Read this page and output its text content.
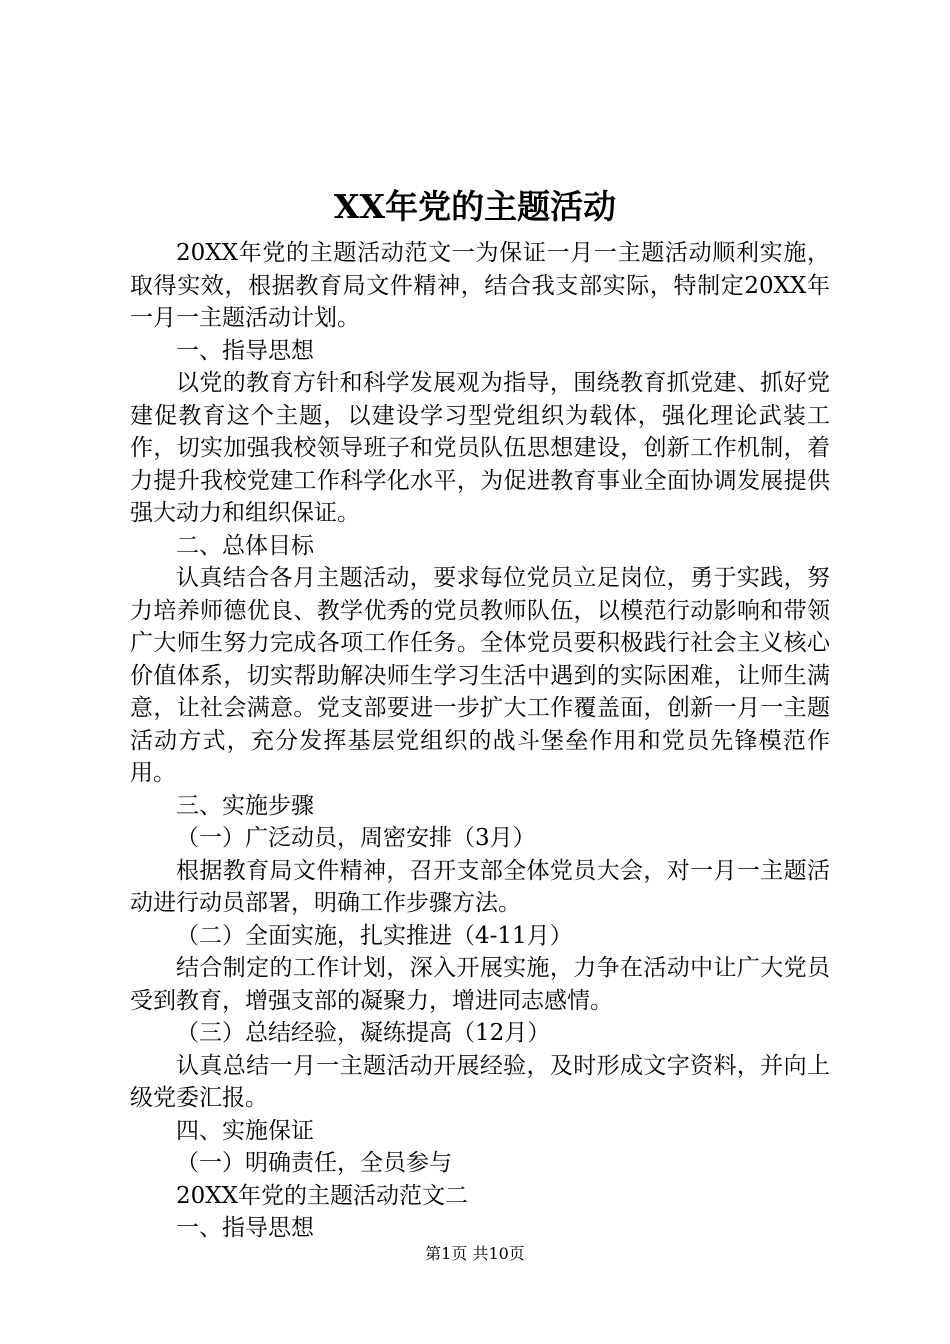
XX年党的主题活动

20XX年党的主题活动范文一为保证一月一主题活动顺利实施，取得实效，根据教育局文件精神，结合我支部实际，特制定20XX年一月一主题活动计划。

一、指导思想

以党的教育方针和科学发展观为指导，围绕教育抓党建、抓好党建促教育这个主题，以建设学习型党组织为载体，强化理论武装工作，切实加强我校领导班子和党员队伍思想建设，创新工作机制，着力提升我校党建工作科学化水平，为促进教育事业全面协调发展提供强大动力和组织保证。

二、总体目标

认真结合各月主题活动，要求每位党员立足岗位，勇于实践，努力培养师德优良、教学优秀的党员教师队伍，以模范行动影响和带领广大师生努力完成各项工作任务。全体党员要积极践行社会主义核心价值体系，切实帮助解决师生学习生活中遇到的实际困难，让师生满意，让社会满意。党支部要进一步扩大工作覆盖面，创新一月一主题活动方式，充分发挥基层党组织的战斗堡垒作用和党员先锋模范作用。

三、实施步骤

（一）广泛动员，周密安排（3月）

根据教育局文件精神，召开支部全体党员大会，对一月一主题活动进行动员部署，明确工作步骤方法。

（二）全面实施，扎实推进（4-11月）

结合制定的工作计划，深入开展实施，力争在活动中让广大党员受到教育，增强支部的凝聚力，增进同志感情。

（三）总结经验，凝练提高（12月）

认真总结一月一主题活动开展经验，及时形成文字资料，并向上级党委汇报。

四、实施保证

（一）明确责任，全员参与

20XX年党的主题活动范文二

一、指导思想

第1页 共10页
